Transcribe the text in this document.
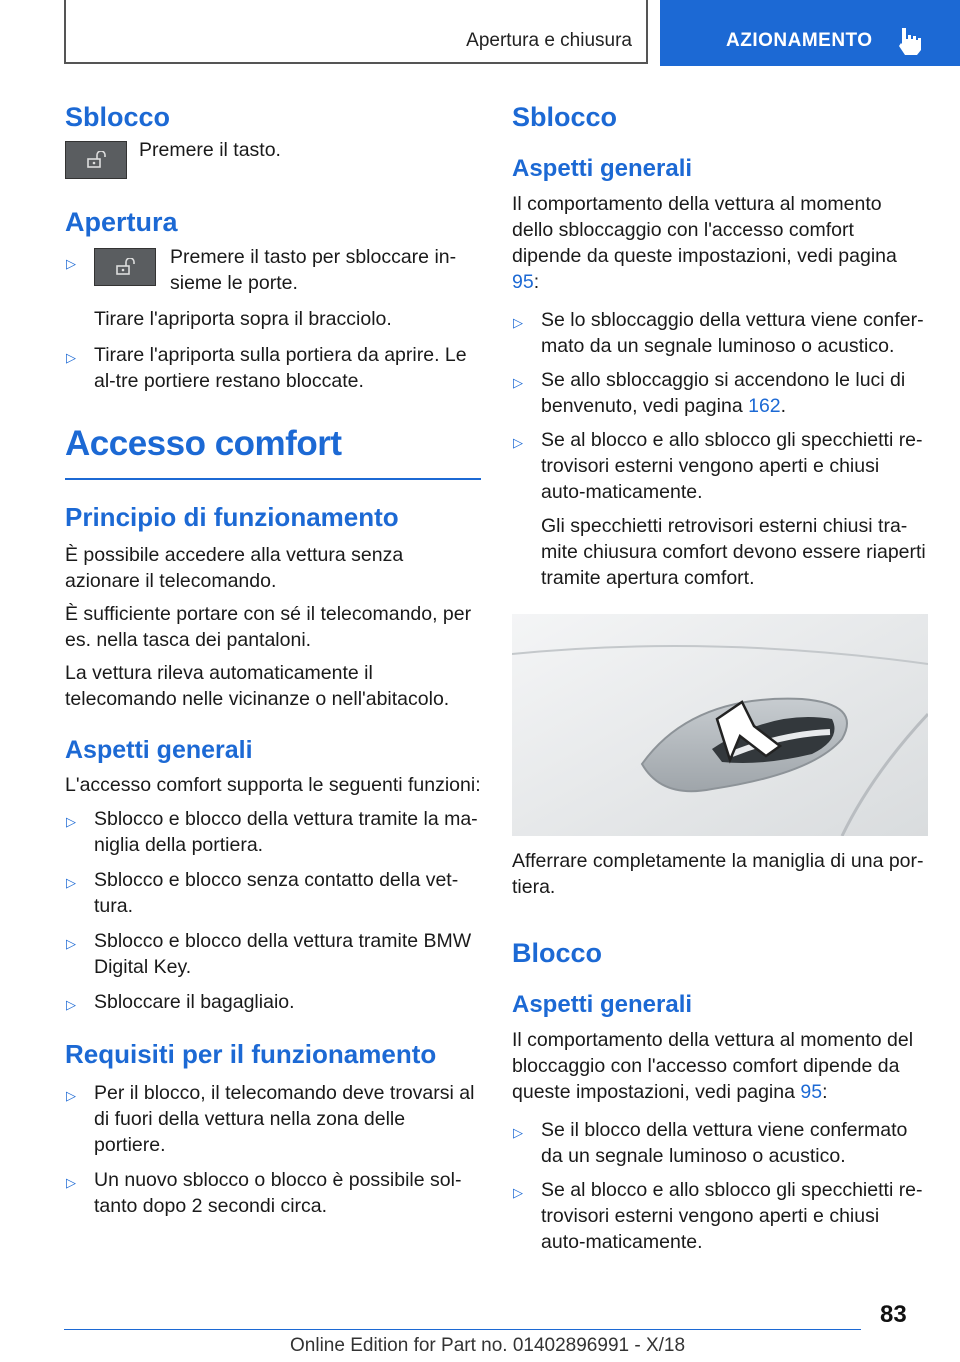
Apertura e chiusura	AZIONAMENTO
Sblocco

Premere il tasto.

Apertura
▷	Premere il tasto per sbloccare in-sieme le porte.
Tirare l'apriporta sopra il bracciolo.
▷ Tirare l'apriporta sulla portiera da aprire. Le al-tre portiere restano bloccate.
Accesso comfort
Principio di funzionamento

È possibile accedere alla vettura senza azionare il telecomando.

È sufficiente portare con sé il telecomando, per es. nella tasca dei pantaloni.

La vettura rileva automaticamente il telecomando nelle vicinanze o nell'abitacolo.

Aspetti generali

L'accesso comfort supporta le seguenti funzioni:

▷ Sblocco e blocco della vettura tramite la ma-niglia della portiera.
▷ Sblocco e blocco senza contatto della vet-tura.
▷ Sblocco e blocco della vettura tramite BMW Digital Key.
▷ Sbloccare il bagagliaio.
Requisiti per il funzionamento
▷ Per il blocco, il telecomando deve trovarsi al di fuori della vettura nella zona delle portiere.
▷ Un nuovo sblocco o blocco è possibile sol-tanto dopo 2 secondi circa.
Sblocco
Aspetti generali

Il comportamento della vettura al momento dello sbloccaggio con l'accesso comfort dipende da queste impostazioni, vedi pagina 95:

▷ Se lo sbloccaggio della vettura viene confer-mato da un segnale luminoso o acustico.
▷ Se allo sbloccaggio si accendono le luci di benvenuto, vedi pagina 162.
▷ Se al blocco e allo sblocco gli specchietti re-trovisori esterni vengono aperti e chiusi auto-maticamente.
Gli specchietti retrovisori esterni chiusi tra-mite chiusura comfort devono essere riaperti tramite apertura comfort.

Afferrare completamente la maniglia di una por-tiera.

Blocco
Aspetti generali

Il comportamento della vettura al momento del bloccaggio con l'accesso comfort dipende da queste impostazioni, vedi pagina 95:

▷ Se il blocco della vettura viene confermato da un segnale luminoso o acustico.
▷ Se al blocco e allo sblocco gli specchietti re-trovisori esterni vengono aperti e chiusi auto-maticamente.
83
Online Edition for Part no. 01402896991 - X/18
